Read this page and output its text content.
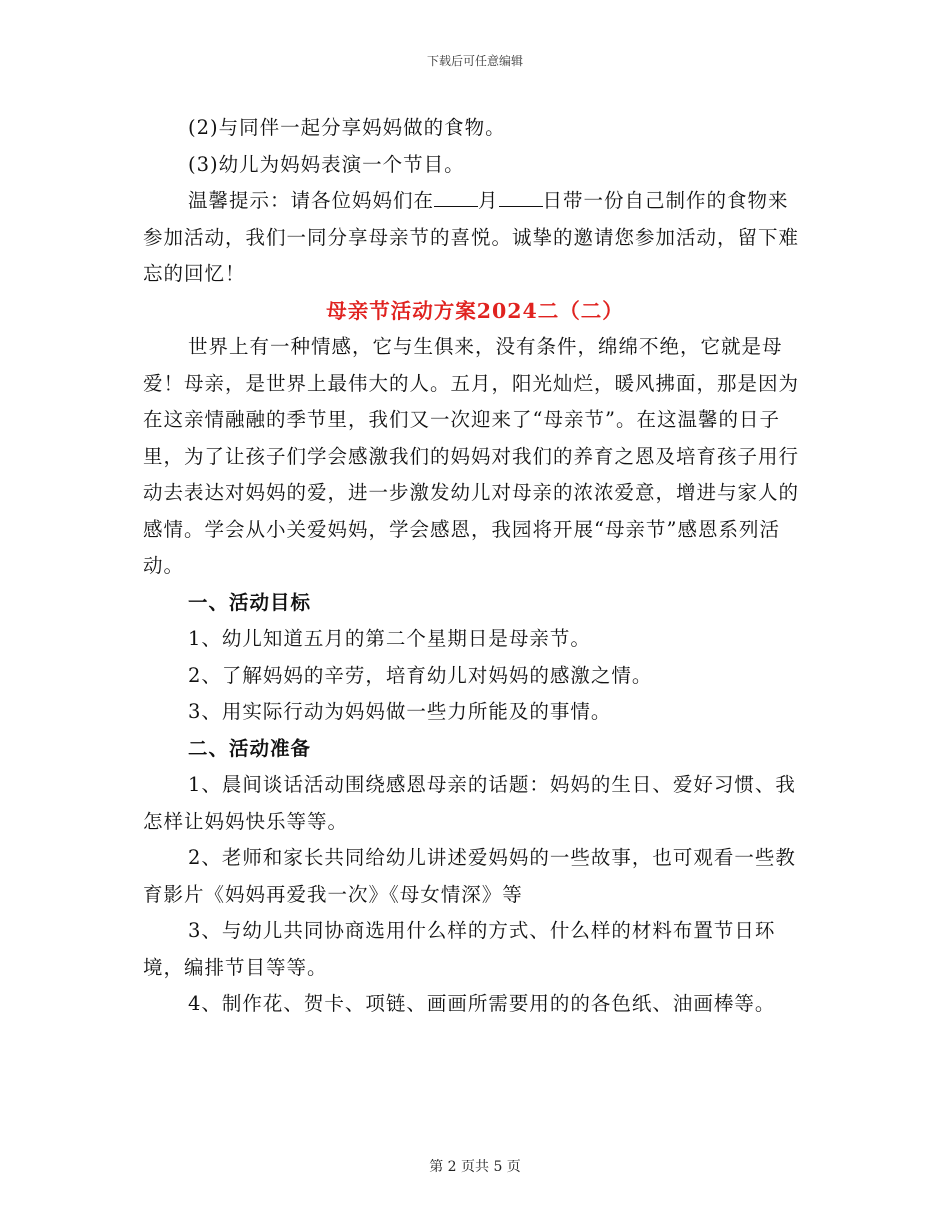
下载后可任意编辑

(2)与同伴一起分享妈妈做的食物。

(3)幼儿为妈妈表演一个节目。

温馨提示：请各位妈妈们在 月 日带一份自己制作的食物来参加活动，我们一同分享母亲节的喜悦。诚挚的邀请您参加活动，留下难忘的回忆！

母亲节活动方案2024二（二）

世界上有一种情感，它与生俱来，没有条件，绵绵不绝，它就是母爱！母亲，是世界上最伟大的人。五月，阳光灿烂，暖风拂面，那是因为在这亲情融融的季节里，我们又一次迎来了“母亲节”。在这温馨的日子里，为了让孩子们学会感激我们的妈妈对我们的养育之恩及培育孩子用行动去表达对妈妈的爱，进一步激发幼儿对母亲的浓浓爱意，增进与家人的感情。学会从小关爱妈妈，学会感恩，我园将开展“母亲节”感恩系列活动。

一、活动目标

1、幼儿知道五月的第二个星期日是母亲节。

2、了解妈妈的辛劳，培育幼儿对妈妈的感激之情。

3、用实际行动为妈妈做一些力所能及的事情。

二、活动准备

1、晨间谈话活动围绕感恩母亲的话题：妈妈的生日、爱好习惯、我怎样让妈妈快乐等等。

2、老师和家长共同给幼儿讲述爱妈妈的一些故事，也可观看一些教育影片《妈妈再爱我一次》《母女情深》等

3、与幼儿共同协商选用什么样的方式、什么样的材料布置节日环境，编排节目等等。

4、制作花、贺卡、项链、画画所需要用的的各色纸、油画棒等。

第 2 页共 5 页
